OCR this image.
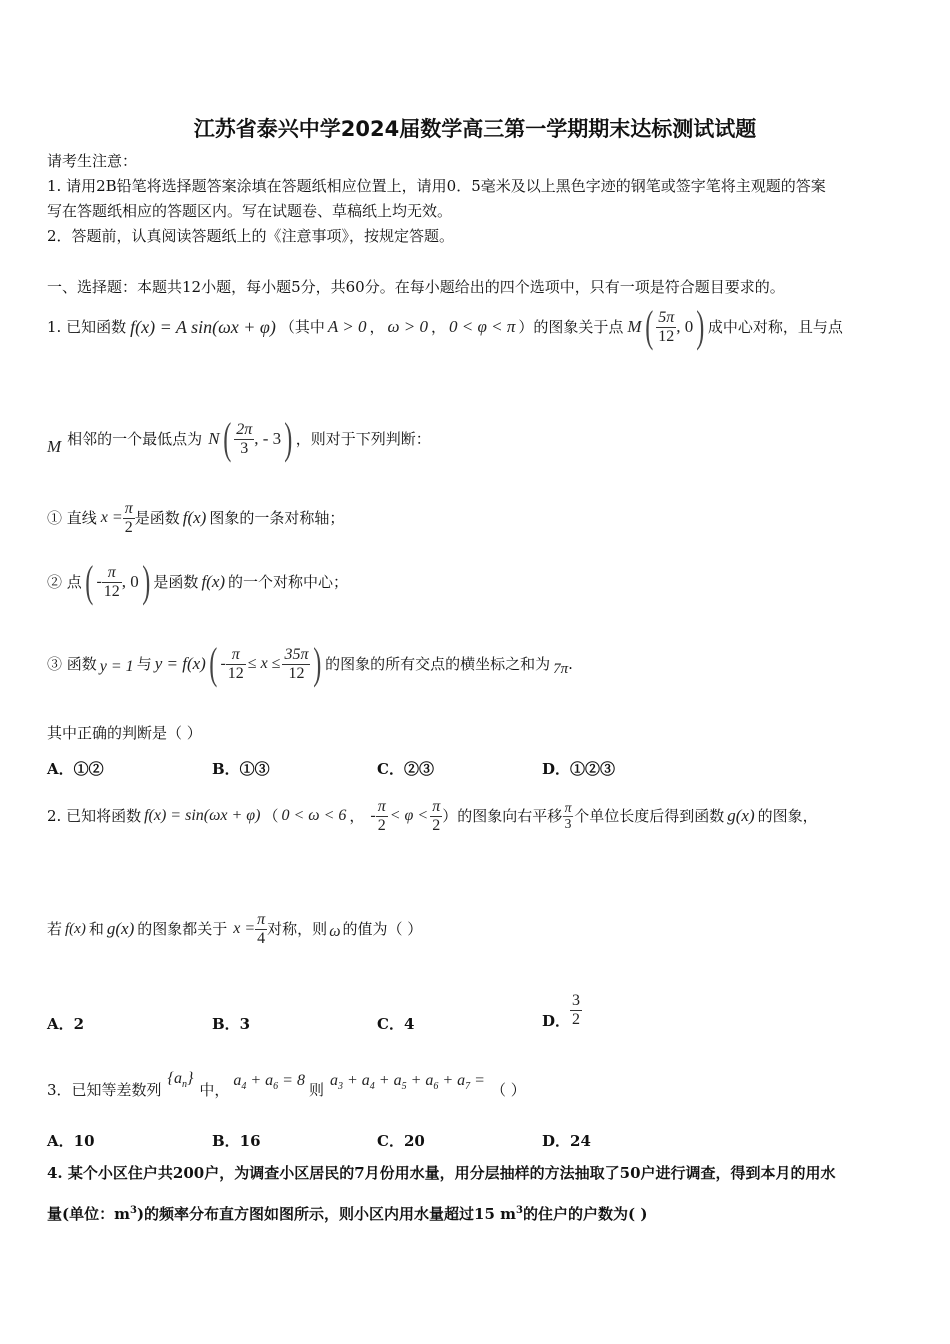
江苏省泰兴中学2024届数学高三第一学期期末达标测试试题
请考生注意：
1. 请用2B铅笔将选择题答案涂填在答题纸相应位置上，请用0．5毫米及以上黑色字迹的钢笔或签字笔将主观题的答案
写在答题纸相应的答题区内。写在试题卷、草稿纸上均无效。
2．答题前，认真阅读答题纸上的《注意事项》，按规定答题。
一、选择题：本题共12小题，每小题5分，共60分。在每小题给出的四个选项中，只有一项是符合题目要求的。
1. 已知函数 f(x) = A sin(ωx + φ) （其中 A > 0 ， ω > 0 ， 0 < φ < π ） 的图象关于点 M ( $\frac{5\pi}{12}$ , 0 ) 成中心对称，且与点
M 相邻的一个最低点为 N ( $\frac{2\pi}{3}$ , - 3 ) ，则对于下列判断：
① 直线 $x = \frac{\pi}{2}$ 是函数 f(x) 图象的一条对称轴；
② 点 ( - $\frac{\pi}{12}$ , 0 ) 是函数 f(x) 的一个对称中心；
③ 函数 y = 1 与 y = f(x) ( - $\frac{\pi}{12} \le x \le \frac{35\pi}{12}$ ) 的图象的所有交点的横坐标之和为 7π .
其中正确的判断是（ ）
A．①②	B．①③	C．②③	D．①②③
2. 已知将函数 f(x) = sin(ωx + φ) （ 0 < ω < 6 ， - $\frac{\pi}{2} < \varphi < \frac{\pi}{2}$ ） 的图象向右平移 $\frac{\pi}{3}$ 个单位长度后得到函数 g(x) 的图象，
若 f(x) 和 g(x) 的图象都关于 $x = \frac{\pi}{4}$ 对称，则 ω 的值为（ ）
A．2	B．3	C．4	D． $\frac{3}{2}$
3．已知等差数列
$\{a_n\}$
中，
$a_4 + a_6 = 8$
则
$a_3 + a_4 + a_5 + a_6 + a_7$ =
（ ）
A．10	B．16	C．20	D．24
4. 某个小区住户共200户，为调查小区居民的7月份用水量，用分层抽样的方法抽取了50户进行调查，得到本月的用水
量(单位：$m^3$)的频率分布直方图如图所示，则小区内用水量超过15 $m^3$的住户的户数为( )
